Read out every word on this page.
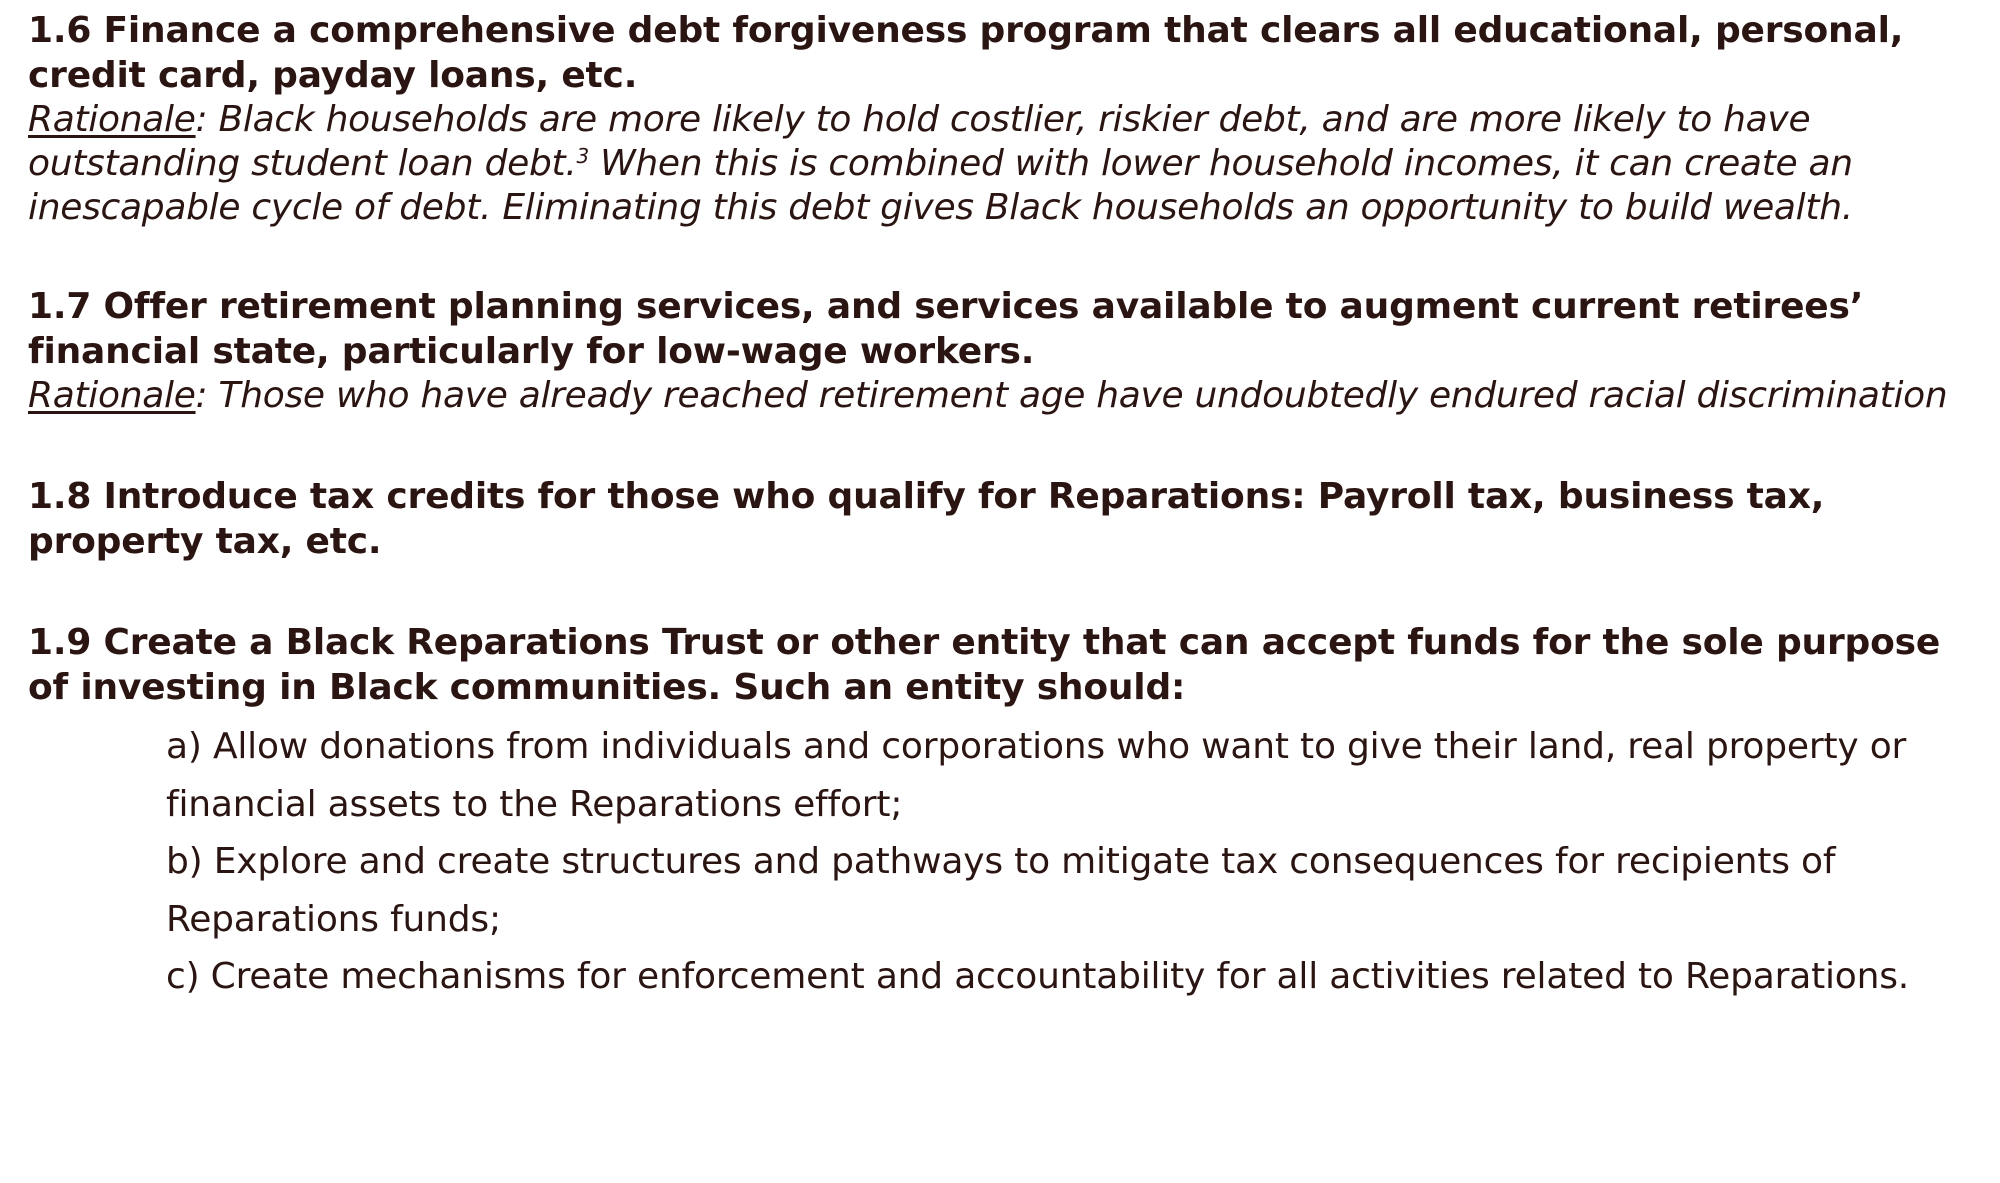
1.6 Finance a comprehensive debt forgiveness program that clears all educational, personal, credit card, payday loans, etc.

Rationale: Black households are more likely to hold costlier, riskier debt, and are more likely to have outstanding student loan debt.$^3$ When this is combined with lower household incomes, it can create an inescapable cycle of debt. Eliminating this debt gives Black households an opportunity to build wealth.

1.7 Offer retirement planning services, and services available to augment current retirees’ financial state, particularly for low-wage workers.

Rationale: Those who have already reached retirement age have undoubtedly endured racial discrimination

1.8 Introduce tax credits for those who qualify for Reparations: Payroll tax, business tax, property tax, etc.

1.9 Create a Black Reparations Trust or other entity that can accept funds for the sole purpose of investing in Black communities. Such an entity should:

a) Allow donations from individuals and corporations who want to give their land, real property or financial assets to the Reparations effort;
b) Explore and create structures and pathways to mitigate tax consequences for recipients of Reparations funds;
c) Create mechanisms for enforcement and accountability for all activities related to Reparations.
